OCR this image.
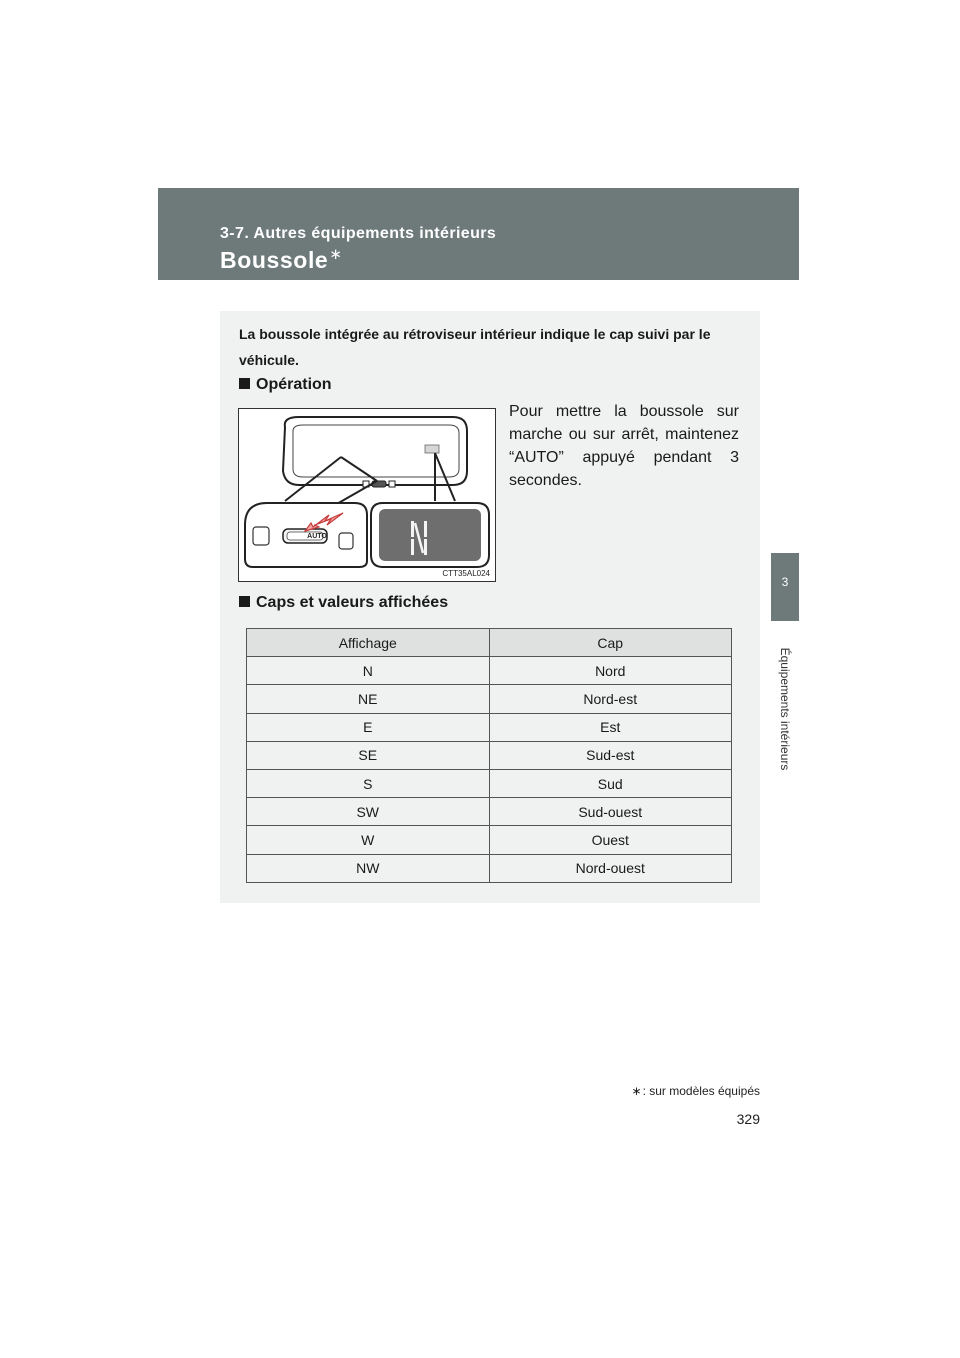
3-7. Autres équipements intérieurs
Boussole∗
3
Équipements intérieurs
La boussole intégrée au rétroviseur intérieur indique le cap suivi par le véhicule.
Opération
AUTO
CTT35AL024
Pour mettre la boussole sur marche ou sur arrêt, maintenez “AUTO” appuyé pendant 3 secondes.
Caps et valeurs affichées
Affichage	Cap
N	Nord
NE	Nord-est
E	Est
SE	Sud-est
S	Sud
SW	Sud-ouest
W	Ouest
NW	Nord-ouest
∗: sur modèles équipés
329
